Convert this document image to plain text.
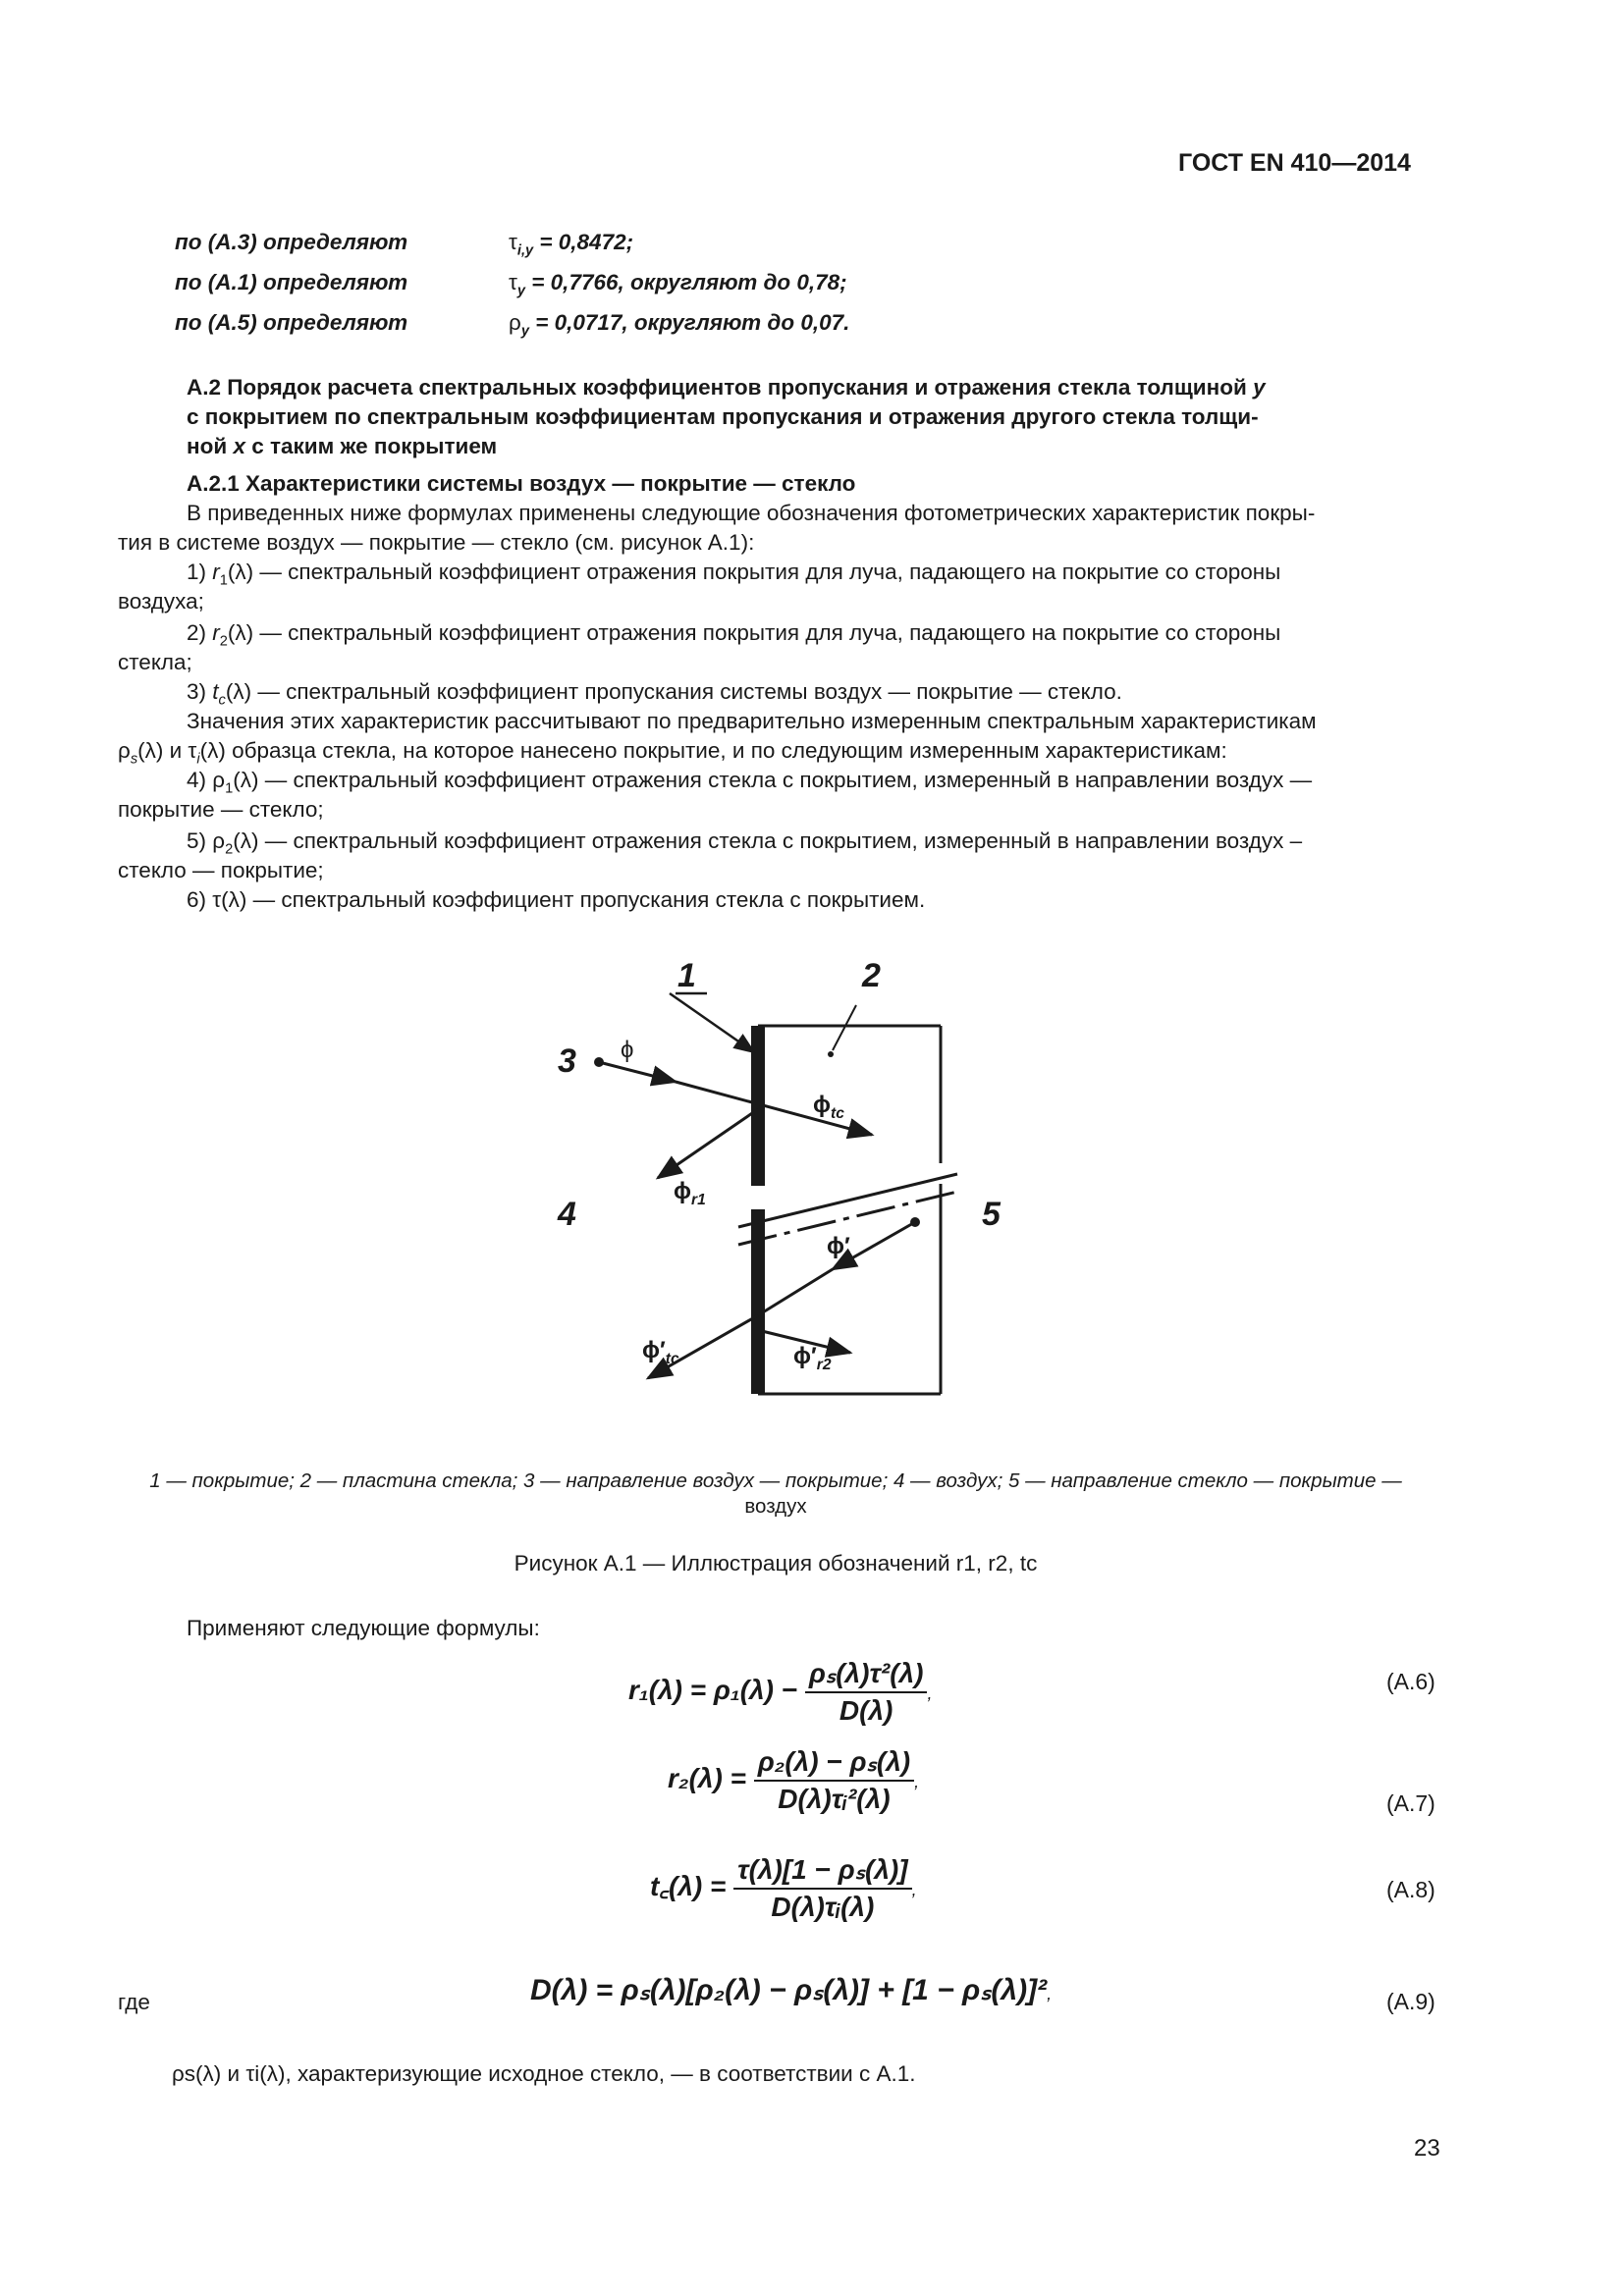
ГОСТ EN 410—2014
по (А.3) определяют	$\tau_{i,y} = 0,8472$;
по (А.1) определяют	$\tau_y = 0,7766$, округляют до 0,78;
по (А.5) определяют	$\rho_y = 0,0717$, округляют до 0,07.
А.2 Порядок расчета спектральных коэффициентов пропускания и отражения стекла толщиной y
с покрытием по спектральным коэффициентам пропускания и отражения другого стекла толщи-
ной x с таким же покрытием
А.2.1 Характеристики системы воздух — покрытие — стекло
В приведенных ниже формулах применены следующие обозначения фотометрических характеристик покры-
тия в системе воздух — покрытие — стекло (см. рисунок А.1):
1) $r_1(\lambda)$ — спектральный коэффициент отражения покрытия для луча, падающего на покрытие со стороны
воздуха;
2) $r_2(\lambda)$ — спектральный коэффициент отражения покрытия для луча, падающего на покрытие со стороны
стекла;
3) $t_c(\lambda)$ — спектральный коэффициент пропускания системы воздух — покрытие — стекло.
Значения этих характеристик рассчитывают по предварительно измеренным спектральным характеристикам
$\rho_s(\lambda)$ и $\tau_i(\lambda)$ образца стекла, на которое нанесено покрытие, и по следующим измеренным характеристикам:
4) $\rho_1(\lambda)$ — спектральный коэффициент отражения стекла с покрытием, измеренный в направлении воздух —
покрытие — стекло;
5) $\rho_2(\lambda)$ — спектральный коэффициент отражения стекла с покрытием, измеренный в направлении воздух –
стекло — покрытие;
6) τ(λ) — спектральный коэффициент пропускания стекла с покрытием.
1	2
3
4	5
ϕ
$\phi_{tc}$
$\phi_{r1}$
ϕ′
$\phi'_{tc}$	$\phi'_{r2}$
1 — покрытие; 2 — пластина стекла; 3 — направление воздух — покрытие; 4 — воздух; 5 — направление стекло — покрытие —
воздух
Рисунок А.1 — Иллюстрация обозначений r1, r2, tc
Применяют следующие формулы:
$r_1(\lambda) = \rho_1(\lambda) - \frac{\text{ρₛ(λ)τ²(λ)}}{D(\lambda)}$ ,	(А.6)
$r_2(\lambda) = \frac{\text{ρ₂(λ) − ρₛ(λ)}}{\text{D(λ)τᵢ²(λ)}}$ ,
(А.7)
t꜀(λ) = $\frac{\text{τ(λ)[1 − ρₛ(λ)]}}{\text{D(λ)τᵢ(λ)}}$ ,	(А.8)
где	D(λ) = ρₛ(λ)[ρ₂(λ) − ρₛ(λ)] + [1 − ρₛ(λ)]²,	(А.9)
ρs(λ) и τi(λ), характеризующие исходное стекло, — в соответствии с А.1.
23
